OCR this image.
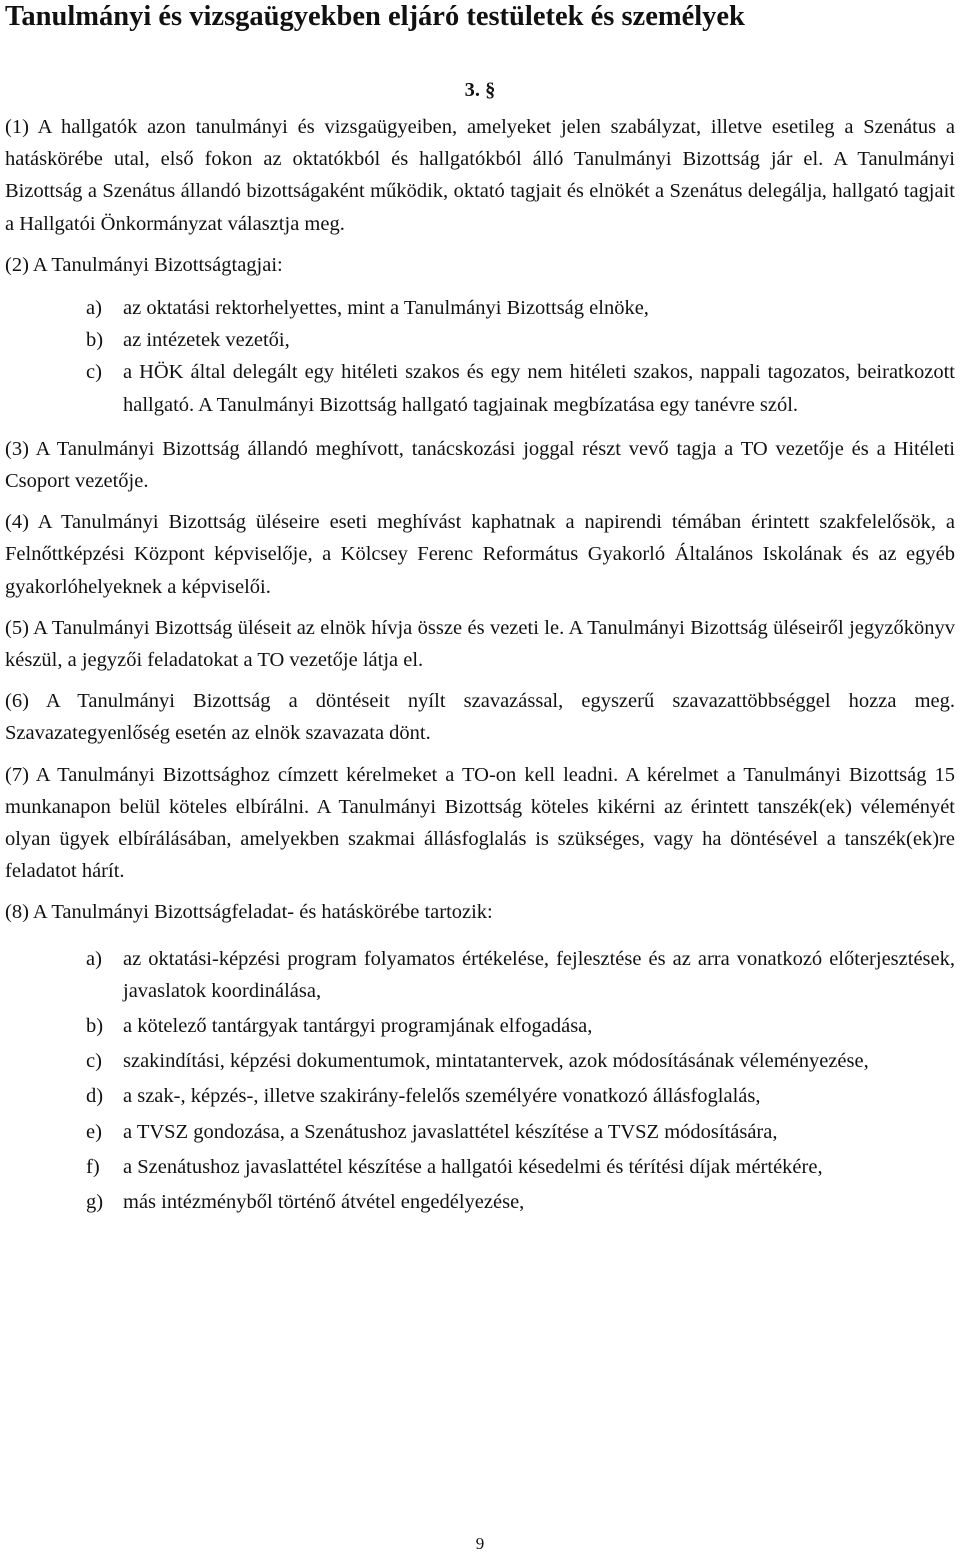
Tanulmányi és vizsgaügyekben eljáró testületek és személyek
3. §

(1) A hallgatók azon tanulmányi és vizsgaügyeiben, amelyeket jelen szabályzat, illetve esetileg a Szenátus a hatáskörébe utal, első fokon az oktatókból és hallgatókból álló Tanulmányi Bizottság jár el. A Tanulmányi Bizottság a Szenátus állandó bizottságaként működik, oktató tagjait és elnökét a Szenátus delegálja, hallgató tagjait a Hallgatói Önkormányzat választja meg.

(2) A Tanulmányi Bizottságtagjai:

a) az oktatási rektorhelyettes, mint a Tanulmányi Bizottság elnöke,
b) az intézetek vezetői,
c) a HÖK által delegált egy hitéleti szakos és egy nem hitéleti szakos, nappali tagozatos, beiratkozott hallgató. A Tanulmányi Bizottság hallgató tagjainak megbízatása egy tanévre szól.

(3) A Tanulmányi Bizottság állandó meghívott, tanácskozási joggal részt vevő tagja a TO vezetője és a Hitéleti Csoport vezetője.

(4) A Tanulmányi Bizottság üléseire eseti meghívást kaphatnak a napirendi témában érintett szakfelelősök, a Felnőttképzési Központ képviselője, a Kölcsey Ferenc Református Gyakorló Általános Iskolának és az egyéb gyakorlóhelyeknek a képviselői.

(5) A Tanulmányi Bizottság üléseit az elnök hívja össze és vezeti le. A Tanulmányi Bizottság üléseiről jegyzőkönyv készül, a jegyzői feladatokat a TO vezetője látja el.

(6) A Tanulmányi Bizottság a döntéseit nyílt szavazással, egyszerű szavazattöbbséggel hozza meg. Szavazategyenlőség esetén az elnök szavazata dönt.

(7) A Tanulmányi Bizottsághoz címzett kérelmeket a TO-on kell leadni. A kérelmet a Tanulmányi Bizottság 15 munkanapon belül köteles elbírálni. A Tanulmányi Bizottság köteles kikérni az érintett tanszék(ek) véleményét olyan ügyek elbírálásában, amelyekben szakmai állásfoglalás is szükséges, vagy ha döntésével a tanszék(ek)re feladatot hárít.

(8) A Tanulmányi Bizottságfeladat- és hatáskörébe tartozik:

a) az oktatási-képzési program folyamatos értékelése, fejlesztése és az arra vonatkozó előterjesztések, javaslatok koordinálása,
b) a kötelező tantárgyak tantárgyi programjának elfogadása,
c) szakindítási, képzési dokumentumok, mintatantervek, azok módosításának véleményezése,
d) a szak-, képzés-, illetve szakirány-felelős személyére vonatkozó állásfoglalás,
e) a TVSZ gondozása, a Szenátushoz javaslattétel készítése a TVSZ módosítására,
f) a Szenátushoz javaslattétel készítése a hallgatói késedelmi és térítési díjak mértékére,
g) más intézményből történő átvétel engedélyezése,
9
